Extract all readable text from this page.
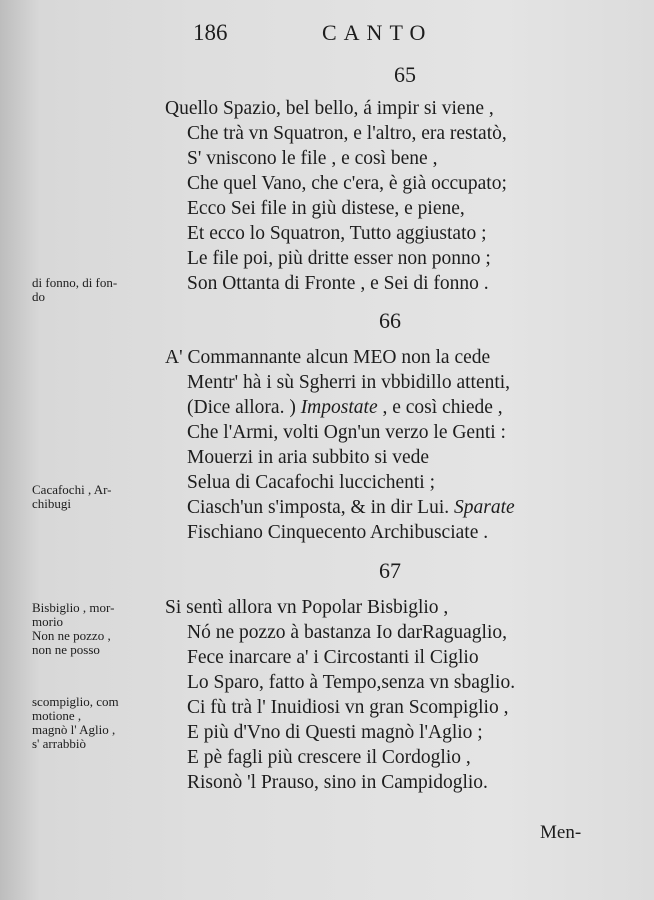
186	CANTO
65
Quello Spazio, bel bello, á impir si viene ,
Che trà vn Squatron, e l'altro, era restatò,
S' vniscono le file , e così bene ,
Che quel Vano, che c'era, è già occupato;
Ecco Sei file in giù distese, e piene,
Et ecco lo Squatron, Tutto aggiustato ;
Le file poi, più dritte esser non ponno ;
Son Ottanta di Fronte , e Sei di fonno .
66
A' Commannante alcun MEO non la cede
Mentr' hà i sù Sgherri in vbbidillo attenti,
(Dice allora. ) Impostate , e così chiede ,
Che l'Armi, volti Ogn'un verzo le Genti :
Mouerzi in aria subbito si vede
Selua di Cacafochi luccichenti ;
Ciasch'un s'imposta, & in dir Lui. Sparate
Fischiano Cinquecento Archibusciate .
67
Si sentì allora vn Popolar Bisbiglio ,
Nó ne pozzo à bastanza Io darRaguaglio,
Fece inarcare a' i Circostanti il Ciglio
Lo Sparo, fatto à Tempo,senza vn sbaglio.
Ci fù trà l' Inuidiosi vn gran Scompiglio ,
E più d'Vno di Questi magnò l'Aglio ;
E pè fagli più crescere il Cordoglio ,
Risonò 'l Prauso, sino in Campidoglio.
di fonno, di fon-
do
Cacafochi , Ar-
chibugi
Bisbiglio , mor-
morio
Non ne pozzo ,
non ne posso
scompiglio, com
motione ,
magnò l' Aglio ,
s' arrabbiò
Men-
